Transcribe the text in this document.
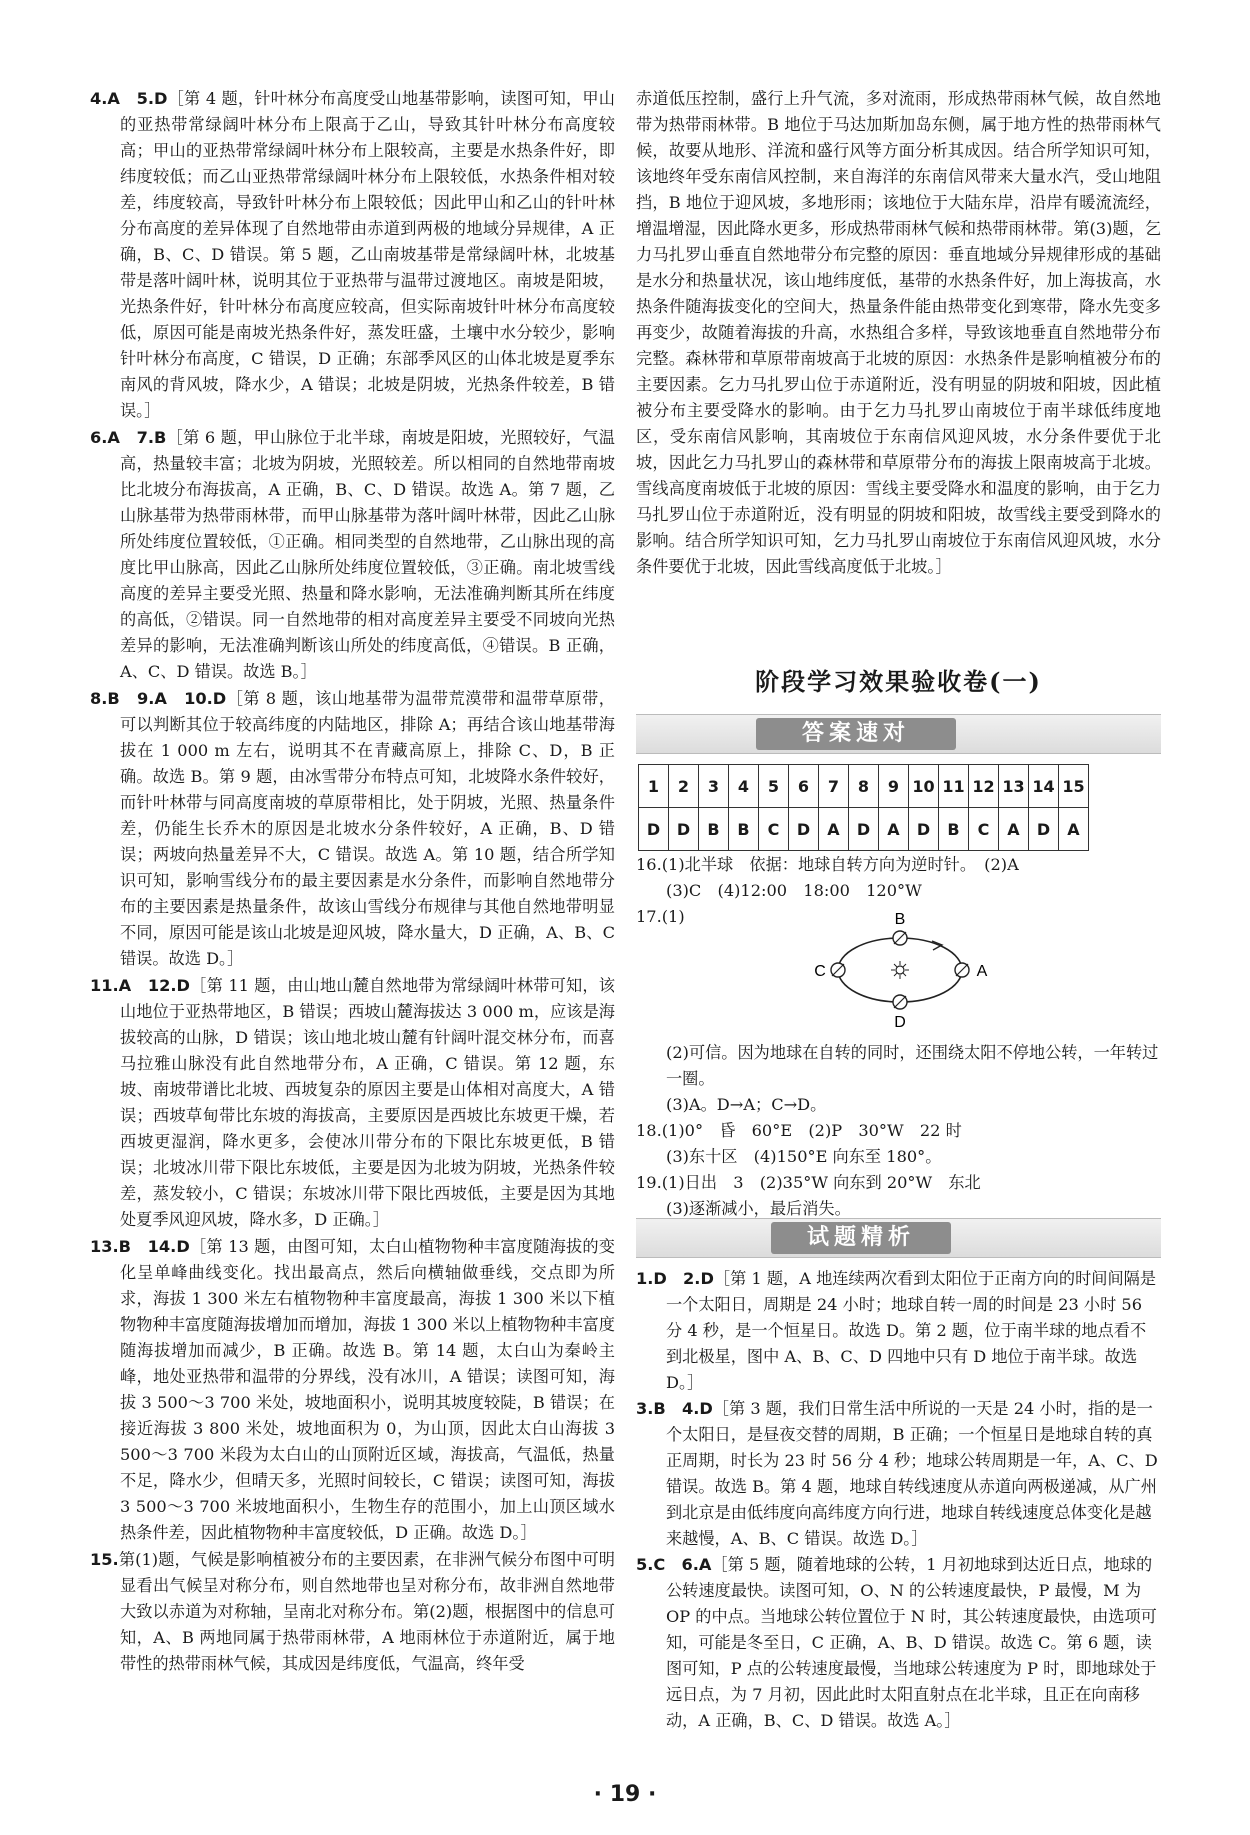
4.A　5.D［第 4 题，针叶林分布高度受山地基带影响，读图可知，甲山的亚热带常绿阔叶林分布上限高于乙山，导致其针叶林分布高度较高；甲山的亚热带常绿阔叶林分布上限较高，主要是水热条件好，即纬度较低；而乙山亚热带常绿阔叶林分布上限较低，水热条件相对较差，纬度较高，导致针叶林分布上限较低；因此甲山和乙山的针叶林分布高度的差异体现了自然地带由赤道到两极的地域分异规律，A 正确，B、C、D 错误。第 5 题，乙山南坡基带是常绿阔叶林，北坡基带是落叶阔叶林，说明其位于亚热带与温带过渡地区。南坡是阳坡，光热条件好，针叶林分布高度应较高，但实际南坡针叶林分布高度较低，原因可能是南坡光热条件好，蒸发旺盛，土壤中水分较少，影响针叶林分布高度，C 错误，D 正确；东部季风区的山体北坡是夏季东南风的背风坡，降水少，A 错误；北坡是阴坡，光热条件较差，B 错误。］

6.A　7.B［第 6 题，甲山脉位于北半球，南坡是阳坡，光照较好，气温高，热量较丰富；北坡为阴坡，光照较差。所以相同的自然地带南坡比北坡分布海拔高，A 正确，B、C、D 错误。故选 A。第 7 题，乙山脉基带为热带雨林带，而甲山脉基带为落叶阔叶林带，因此乙山脉所处纬度位置较低，①正确。相同类型的自然地带，乙山脉出现的高度比甲山脉高，因此乙山脉所处纬度位置较低，③正确。南北坡雪线高度的差异主要受光照、热量和降水影响，无法准确判断其所在纬度的高低，②错误。同一自然地带的相对高度差异主要受不同坡向光热差异的影响，无法准确判断该山所处的纬度高低，④错误。B 正确，A、C、D 错误。故选 B。］

8.B　9.A　10.D［第 8 题，该山地基带为温带荒漠带和温带草原带，可以判断其位于较高纬度的内陆地区，排除 A；再结合该山地基带海拔在 1 000 m 左右，说明其不在青藏高原上，排除 C、D，B 正确。故选 B。第 9 题，由冰雪带分布特点可知，北坡降水条件较好，而针叶林带与同高度南坡的草原带相比，处于阴坡，光照、热量条件差，仍能生长乔木的原因是北坡水分条件较好，A 正确，B、D 错误；两坡向热量差异不大，C 错误。故选 A。第 10 题，结合所学知识可知，影响雪线分布的最主要因素是水分条件，而影响自然地带分布的主要因素是热量条件，故该山雪线分布规律与其他自然地带明显不同，原因可能是该山北坡是迎风坡，降水量大，D 正确，A、B、C 错误。故选 D。］

11.A　12.D［第 11 题，由山地山麓自然地带为常绿阔叶林带可知，该山地位于亚热带地区，B 错误；西坡山麓海拔达 3 000 m，应该是海拔较高的山脉，D 错误；该山地北坡山麓有针阔叶混交林分布，而喜马拉雅山脉没有此自然地带分布，A 正确，C 错误。第 12 题，东坡、南坡带谱比北坡、西坡复杂的原因主要是山体相对高度大，A 错误；西坡草甸带比东坡的海拔高，主要原因是西坡比东坡更干燥，若西坡更湿润，降水更多，会使冰川带分布的下限比东坡更低，B 错误；北坡冰川带下限比东坡低，主要是因为北坡为阴坡，光热条件较差，蒸发较小，C 错误；东坡冰川带下限比西坡低，主要是因为其地处夏季风迎风坡，降水多，D 正确。］

13.B　14.D［第 13 题，由图可知，太白山植物物种丰富度随海拔的变化呈单峰曲线变化。找出最高点，然后向横轴做垂线，交点即为所求，海拔 1 300 米左右植物物种丰富度最高，海拔 1 300 米以下植物物种丰富度随海拔增加而增加，海拔 1 300 米以上植物物种丰富度随海拔增加而减少，B 正确。故选 B。第 14 题，太白山为秦岭主峰，地处亚热带和温带的分界线，没有冰川，A 错误；读图可知，海拔 3 500～3 700 米处，坡地面积小，说明其坡度较陡，B 错误；在接近海拔 3 800 米处，坡地面积为 0，为山顶，因此太白山海拔 3 500～3 700 米段为太白山的山顶附近区域，海拔高，气温低，热量不足，降水少，但晴天多，光照时间较长，C 错误；读图可知，海拔 3 500～3 700 米坡地面积小，生物生存的范围小，加上山顶区域水热条件差，因此植物物种丰富度较低，D 正确。故选 D。］

15.第(1)题，气候是影响植被分布的主要因素，在非洲气候分布图中可明显看出气候呈对称分布，则自然地带也呈对称分布，故非洲自然地带大致以赤道为对称轴，呈南北对称分布。第(2)题，根据图中的信息可知，A、B 两地同属于热带雨林带，A 地雨林位于赤道附近，属于地带性的热带雨林气候，其成因是纬度低，气温高，终年受

赤道低压控制，盛行上升气流，多对流雨，形成热带雨林气候，故自然地带为热带雨林带。B 地位于马达加斯加岛东侧，属于地方性的热带雨林气候，故要从地形、洋流和盛行风等方面分析其成因。结合所学知识可知，该地终年受东南信风控制，来自海洋的东南信风带来大量水汽，受山地阻挡，B 地位于迎风坡，多地形雨；该地位于大陆东岸，沿岸有暖流流经，增温增湿，因此降水更多，形成热带雨林气候和热带雨林带。第(3)题，乞力马扎罗山垂直自然地带分布完整的原因：垂直地域分异规律形成的基础是水分和热量状况，该山地纬度低，基带的水热条件好，加上海拔高，水热条件随海拔变化的空间大，热量条件能由热带变化到寒带，降水先变多再变少，故随着海拔的升高，水热组合多样，导致该地垂直自然地带分布完整。森林带和草原带南坡高于北坡的原因：水热条件是影响植被分布的主要因素。乞力马扎罗山位于赤道附近，没有明显的阴坡和阳坡，因此植被分布主要受降水的影响。由于乞力马扎罗山南坡位于南半球低纬度地区，受东南信风影响，其南坡位于东南信风迎风坡，水分条件要优于北坡，因此乞力马扎罗山的森林带和草原带分布的海拔上限南坡高于北坡。雪线高度南坡低于北坡的原因：雪线主要受降水和温度的影响，由于乞力马扎罗山位于赤道附近，没有明显的阴坡和阳坡，故雪线主要受到降水的影响。结合所学知识可知，乞力马扎罗山南坡位于东南信风迎风坡，水分条件要优于北坡，因此雪线高度低于北坡。］

阶段学习效果验收卷(一)
答案速对
1	2	3	4	5	6	7	8	9	10	11	12	13	14	15
D	D	B	B	C	D	A	D	A	D	B	C	A	D	A
16.(1)北半球　依据：地球自转方向为逆时针。　(2)A
(3)C　(4)12:00　18:00　120°W
17.(1)	B
D
C	A
(2)可信。因为地球在自转的同时，还围绕太阳不停地公转，一年转过一圈。
(3)A。D→A；C→D。
18.(1)0°　昏　60°E　(2)P　30°W　22 时
(3)东十区　(4)150°E 向东至 180°。
19.(1)日出　3　(2)35°W 向东到 20°W　东北
(3)逐渐减小，最后消失。
试题精析

1.D　2.D［第 1 题，A 地连续两次看到太阳位于正南方向的时间间隔是一个太阳日，周期是 24 小时；地球自转一周的时间是 23 小时 56 分 4 秒，是一个恒星日。故选 D。第 2 题，位于南半球的地点看不到北极星，图中 A、B、C、D 四地中只有 D 地位于南半球。故选 D。］

3.B　4.D［第 3 题，我们日常生活中所说的一天是 24 小时，指的是一个太阳日，是昼夜交替的周期，B 正确；一个恒星日是地球自转的真正周期，时长为 23 时 56 分 4 秒；地球公转周期是一年，A、C、D 错误。故选 B。第 4 题，地球自转线速度从赤道向两极递减，从广州到北京是由低纬度向高纬度方向行进，地球自转线速度总体变化是越来越慢，A、B、C 错误。故选 D。］

5.C　6.A［第 5 题，随着地球的公转，1 月初地球到达近日点，地球的公转速度最快。读图可知，O、N 的公转速度最快，P 最慢，M 为 OP 的中点。当地球公转位置位于 N 时，其公转速度最快，由选项可知，可能是冬至日，C 正确，A、B、D 错误。故选 C。第 6 题，读图可知，P 点的公转速度最慢，当地球公转速度为 P 时，即地球处于远日点，为 7 月初，因此此时太阳直射点在北半球，且正在向南移动，A 正确，B、C、D 错误。故选 A。］

· 19 ·
